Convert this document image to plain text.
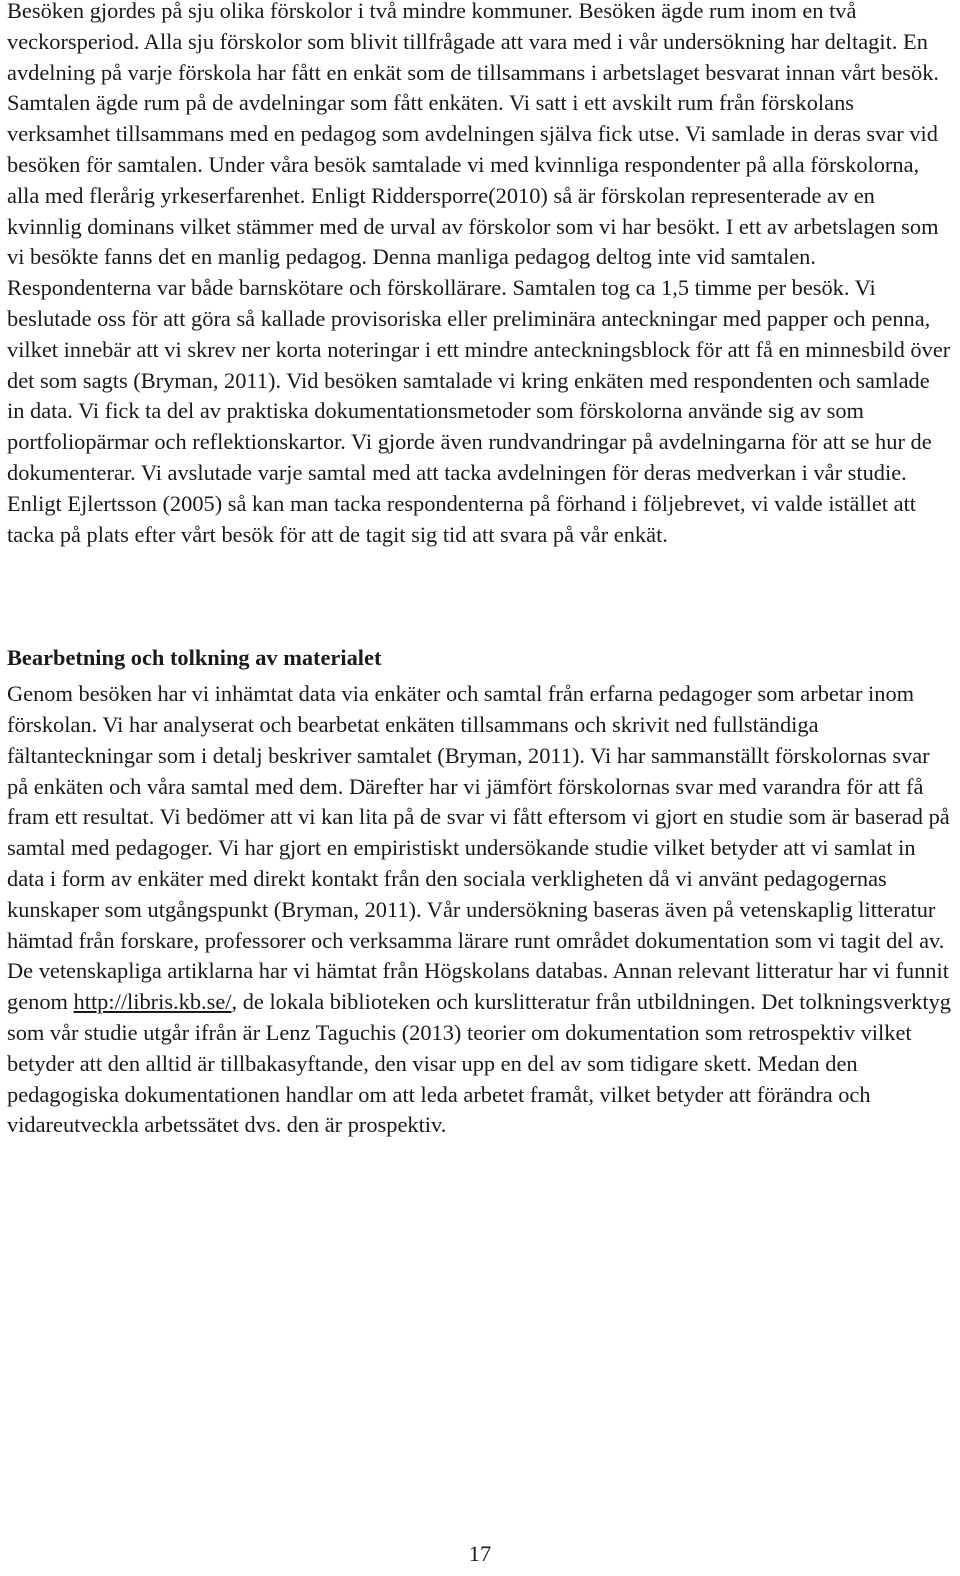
Besöken gjordes på sju olika förskolor i två mindre kommuner. Besöken ägde rum inom en två veckorsperiod. Alla sju förskolor som blivit tillfrågade att vara med i vår undersökning har deltagit. En avdelning på varje förskola har fått en enkät som de tillsammans i arbetslaget besvarat innan vårt besök. Samtalen ägde rum på de avdelningar som fått enkäten. Vi satt i ett avskilt rum från förskolans verksamhet tillsammans med en pedagog som avdelningen själva fick utse. Vi samlade in deras svar vid besöken för samtalen. Under våra besök samtalade vi med kvinnliga respondenter på alla förskolorna, alla med flerårig yrkeserfarenhet. Enligt Riddersporre(2010) så är förskolan representerade av en kvinnlig dominans vilket stämmer med de urval av förskolor som vi har besökt. I ett av arbetslagen som vi besökte fanns det en manlig pedagog. Denna manliga pedagog deltog inte vid samtalen. Respondenterna var både barnskötare och förskollärare. Samtalen tog ca 1,5 timme per besök. Vi beslutade oss för att göra så kallade provisoriska eller preliminära anteckningar med papper och penna, vilket innebär att vi skrev ner korta noteringar i ett mindre anteckningsblock för att få en minnesbild över det som sagts (Bryman, 2011). Vid besöken samtalade vi kring enkäten med respondenten och samlade in data. Vi fick ta del av praktiska dokumentationsmetoder som förskolorna använde sig av som portfoliopärmar och reflektionskartor. Vi gjorde även rundvandringar på avdelningarna för att se hur de dokumenterar. Vi avslutade varje samtal med att tacka avdelningen för deras medverkan i vår studie. Enligt Ejlertsson (2005) så kan man tacka respondenterna på förhand i följebrevet, vi valde istället att tacka på plats efter vårt besök för att de tagit sig tid att svara på vår enkät.

Bearbetning och tolkning av materialet

Genom besöken har vi inhämtat data via enkäter och samtal från erfarna pedagoger som arbetar inom förskolan. Vi har analyserat och bearbetat enkäten tillsammans och skrivit ned fullständiga fältanteckningar som i detalj beskriver samtalet (Bryman, 2011). Vi har sammanställt förskolornas svar på enkäten och våra samtal med dem. Därefter har vi jämfört förskolornas svar med varandra för att få fram ett resultat. Vi bedömer att vi kan lita på de svar vi fått eftersom vi gjort en studie som är baserad på samtal med pedagoger. Vi har gjort en empiristiskt undersökande studie vilket betyder att vi samlat in data i form av enkäter med direkt kontakt från den sociala verkligheten då vi använt pedagogernas kunskaper som utgångspunkt (Bryman, 2011). Vår undersökning baseras även på vetenskaplig litteratur hämtad från forskare, professorer och verksamma lärare runt området dokumentation som vi tagit del av. De vetenskapliga artiklarna har vi hämtat från Högskolans databas. Annan relevant litteratur har vi funnit genom http://libris.kb.se/, de lokala biblioteken och kurslitteratur från utbildningen. Det tolkningsverktyg som vår studie utgår ifrån är Lenz Taguchis (2013) teorier om dokumentation som retrospektiv vilket betyder att den alltid är tillbakasyftande, den visar upp en del av som tidigare skett. Medan den pedagogiska dokumentationen handlar om att leda arbetet framåt, vilket betyder att förändra och vidareutveckla arbetssätet dvs. den är prospektiv.

17
